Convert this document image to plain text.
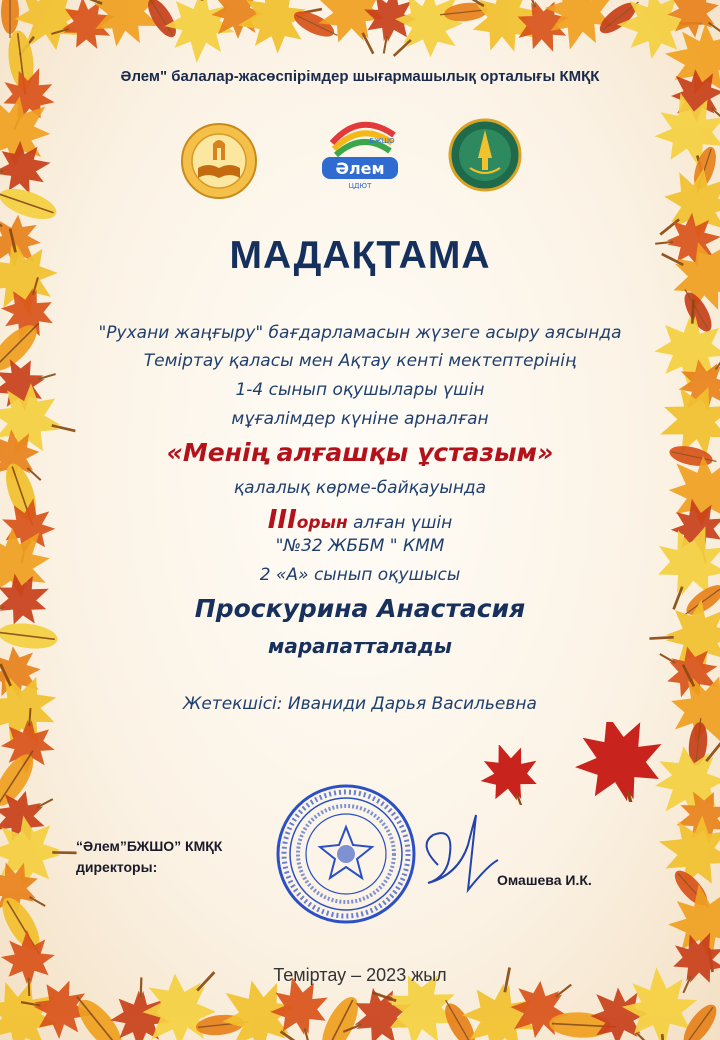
Әлем
БЖШО
ЦДЮТ

Әлем" балалар-жасөспірімдер шығармашылық орталығы КМҚК

МАДАҚТАМА

"Рухани жаңғыру" бағдарламасын жүзеге асыру аясында

Теміртау қаласы мен Ақтау кенті мектептерінің

1-4 сынып оқушылары үшін

мұғалімдер күніне арналған

«Менің алғашқы ұстазым»

қалалық көрме-байқауында

IIIорын алған үшін

"№32 ЖББМ " КММ

2 «А» сынып оқушысы

Проскурина Анастасия

марапатталады

Жетекшісі: Иваниди Дарья Васильевна

“Әлем”БЖШО” КМҚК
директоры:

Омашева И.К.

Теміртау – 2023 жыл
